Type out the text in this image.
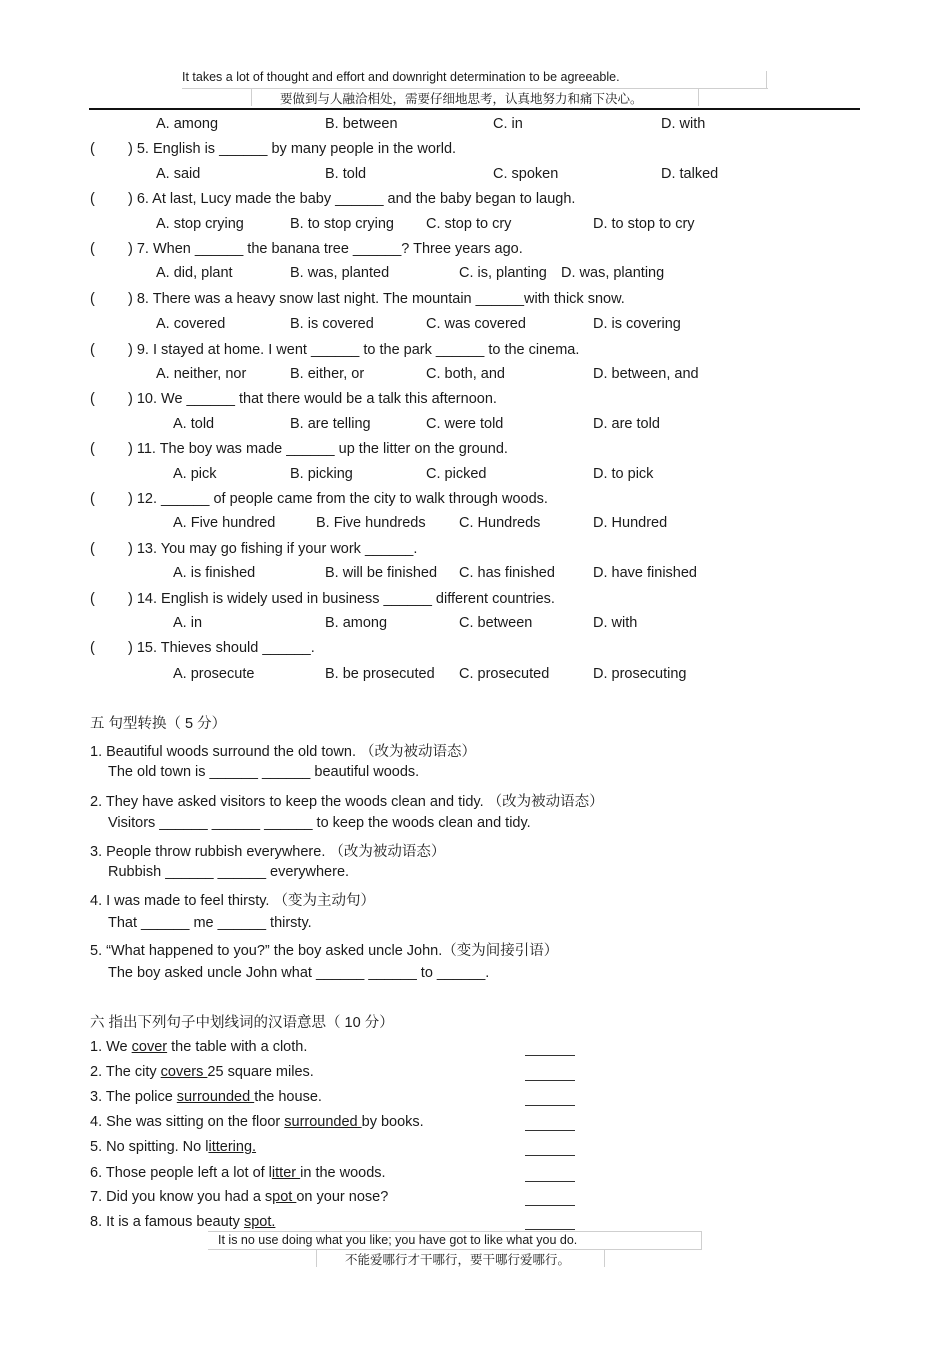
It takes a lot of thought and effort and downright determination to be agreeable.
要做到与人融洽相处，需要仔细地思考，认真地努力和痛下决心。
A. among	B. between	C. in	D. with
( ) 5. English is ______ by many people in the world.
A. said	B. told	C. spoken	D. talked
( ) 6. At last, Lucy made the baby ______ and the baby began to laugh.
A. stop crying	B. to stop crying C. stop to cry	D. to stop to cry
( ) 7. When ______ the banana tree ______? Three years ago.
A. did, plant	B. was, planted	C. is, planting D. was, planting
( ) 8. There was a heavy snow last night. The mountain ______with thick snow.
A. covered	B. is covered	C. was covered	D. is covering
( ) 9. I stayed at home. I went ______ to the park ______ to the cinema.
A. neither, nor	B. either, or	C. both, and	D. between, and
( ) 10. We ______ that there would be a talk this afternoon.
A. told	B. are telling	C. were told	D. are told
( ) 11. The boy was made ______ up the litter on the ground.
A. pick	B. picking	C. picked	D. to pick
( ) 12. ______ of people came from the city to walk through woods.
A. Five hundred	B. Five hundreds C. Hundreds	D. Hundred
( ) 13. You may go fishing if your work ______.
A. is finished	B. will be finished C. has finished	D. have finished
( ) 14. English is widely used in business ______ different countries.
A. in	B. among	C. between	D. with
( ) 15. Thieves should ______.
A. prosecute	B. be prosecuted C. prosecuted	D. prosecuting
五 句型转换（ 5 分）
1. Beautiful woods surround the old town. （改为被动语态）
The old town is ______ ______ beautiful woods.
2. They have asked visitors to keep the woods clean and tidy. （改为被动语态）
Visitors ______ ______ ______ to keep the woods clean and tidy.
3. People throw rubbish everywhere. （改为被动语态）
Rubbish ______ ______ everywhere.
4. I was made to feel thirsty. （变为主动句）
That ______ me ______ thirsty.
5. “What happened to you?” the boy asked uncle John.（变为间接引语）
The boy asked uncle John what ______ ______ to ______.
六 指出下列句子中划线词的汉语意思（ 10 分）
1. We cover the table with a cloth.
2. The city covers 25 square miles.
3. The police surrounded the house.
4. She was sitting on the floor surrounded by books.
5. No spitting. No littering.
6. Those people left a lot of litter in the woods.
7. Did you know you had a spot on your nose?
8. It is a famous beauty spot.
It is no use doing what you like; you have got to like what you do.
不能爱哪行才干哪行，要干哪行爱哪行。
